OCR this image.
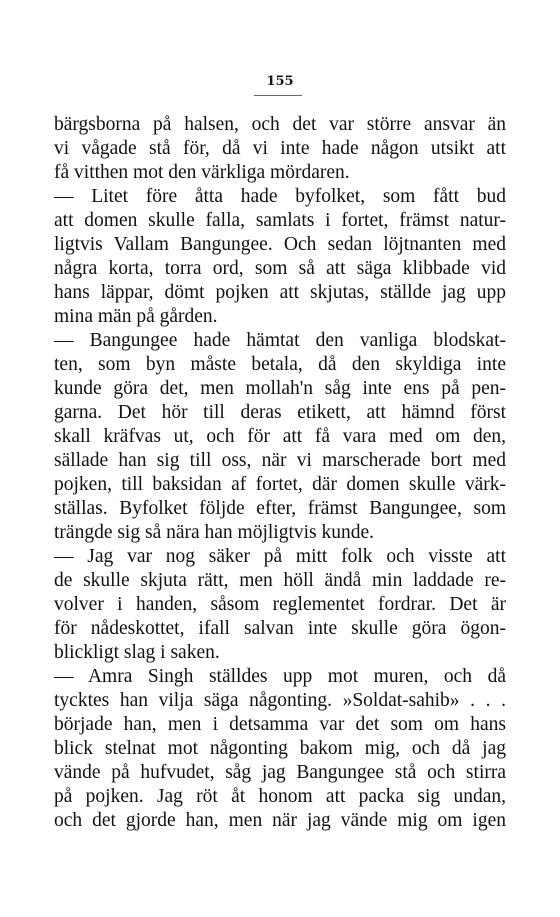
155
bärgsborna på halsen, och det var större ansvar än
vi vågade stå för, då vi inte hade någon utsikt att
få vitthen mot den värkliga mördaren.
— Litet före åtta hade byfolket, som fått bud
att domen skulle falla, samlats i fortet, främst natur-
ligtvis Vallam Bangungee. Och sedan löjtnanten med
några korta, torra ord, som så att säga klibbade vid
hans läppar, dömt pojken att skjutas, ställde jag upp
mina män på gården.
— Bangungee hade hämtat den vanliga blodskat-
ten, som byn måste betala, då den skyldiga inte
kunde göra det, men mollah'n såg inte ens på pen-
garna. Det hör till deras etikett, att hämnd först
skall kräfvas ut, och för att få vara med om den,
sällade han sig till oss, när vi marscherade bort med
pojken, till baksidan af fortet, där domen skulle värk-
ställas. Byfolket följde efter, främst Bangungee, som
trängde sig så nära han möjligtvis kunde.
— Jag var nog säker på mitt folk och visste att
de skulle skjuta rätt, men höll ändå min laddade re-
volver i handen, såsom reglementet fordrar. Det är
för nådeskottet, ifall salvan inte skulle göra ögon-
blickligt slag i saken.
— Amra Singh ställdes upp mot muren, och då
tycktes han vilja säga någonting. »Soldat-sahib» . . .
började han, men i detsamma var det som om hans
blick stelnat mot någonting bakom mig, och då jag
vände på hufvudet, såg jag Bangungee stå och stirra
på pojken. Jag röt åt honom att packa sig undan,
och det gjorde han, men när jag vände mig om igen
